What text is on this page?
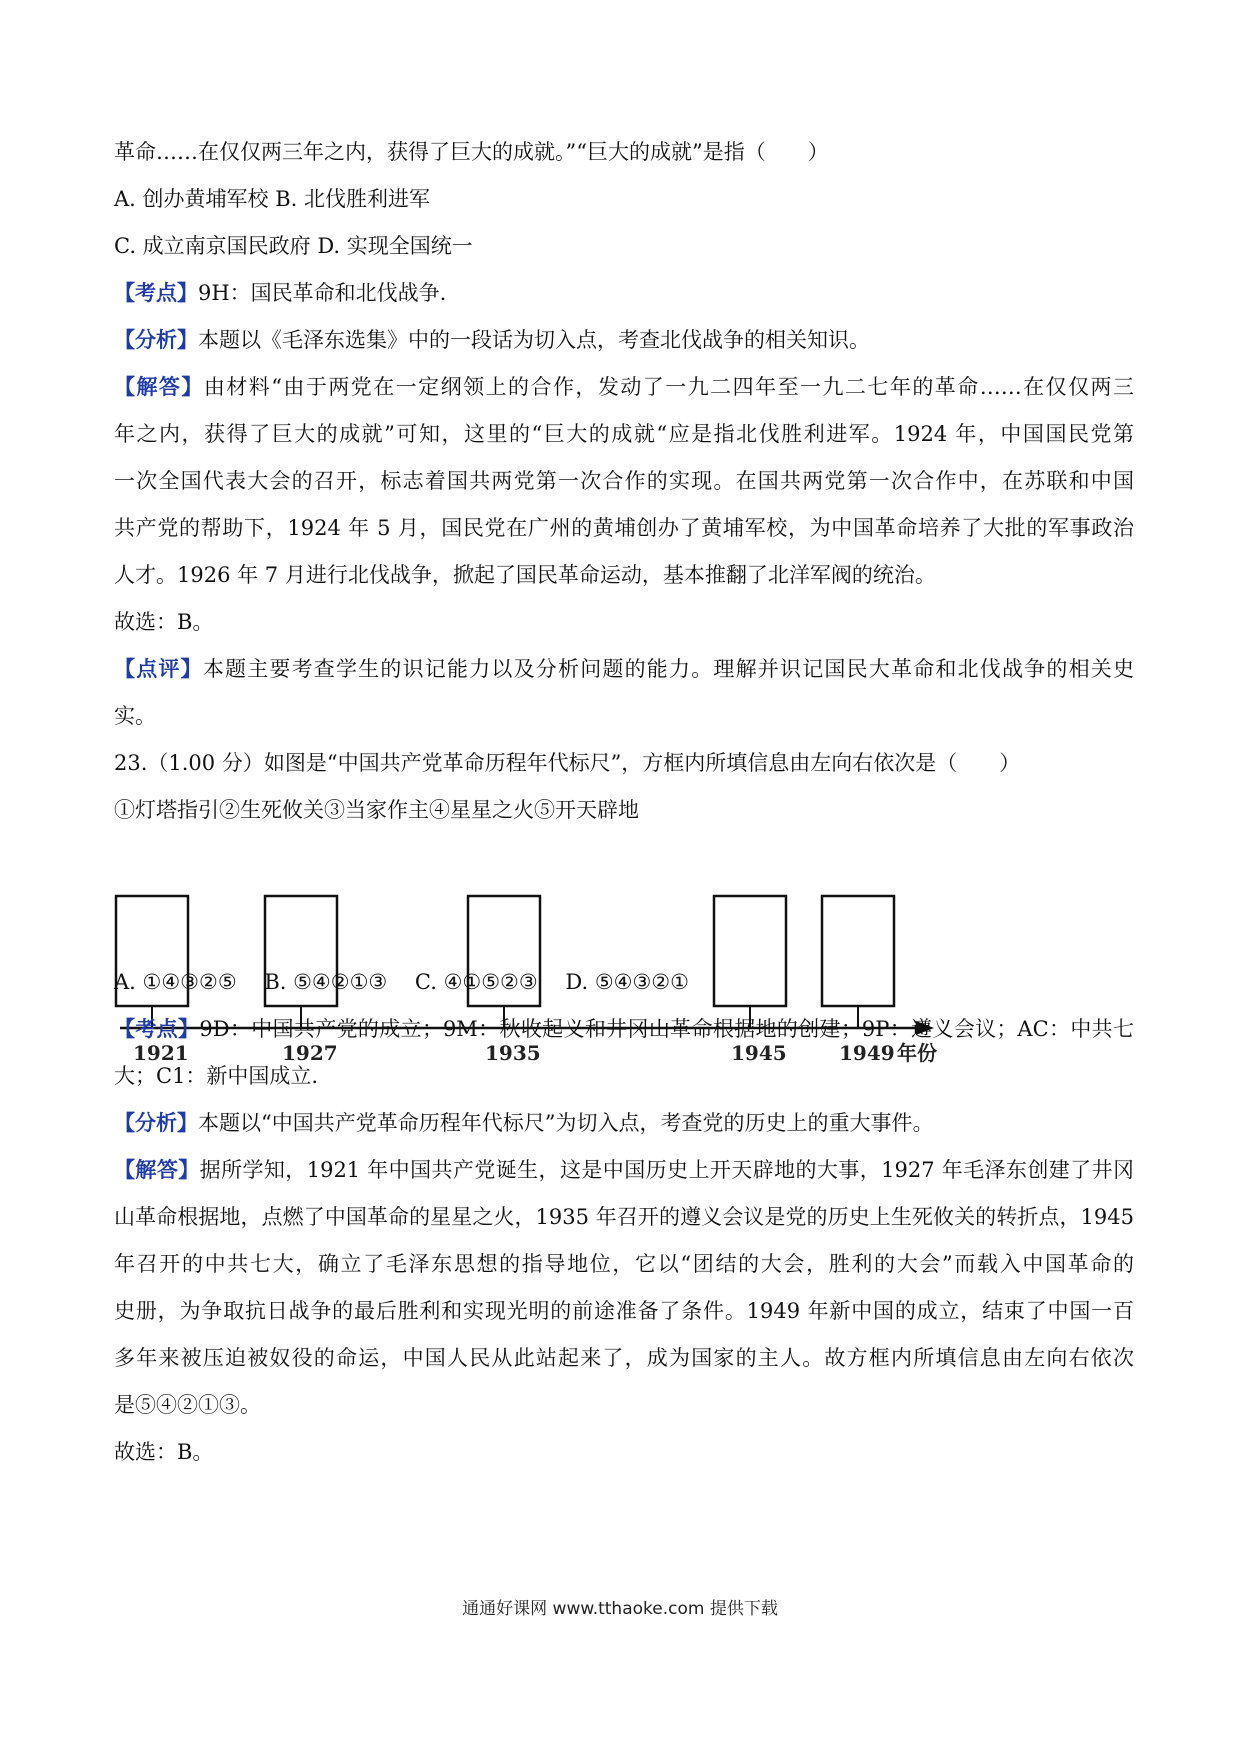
革命……在仅仅两三年之内，获得了巨大的成就。”“巨大的成就”是指（　　）
A. 创办黄埔军校 B. 北伐胜利进军
C. 成立南京国民政府 D. 实现全国统一
【考点】9H：国民革命和北伐战争.
【分析】本题以《毛泽东选集》中的一段话为切入点，考查北伐战争的相关知识。
【解答】由材料“由于两党在一定纲领上的合作，发动了一九二四年至一九二七年的革命……在仅仅两三
年之内，获得了巨大的成就”可知，这里的“巨大的成就“应是指北伐胜利进军。1924 年，中国国民党第
一次全国代表大会的召开，标志着国共两党第一次合作的实现。在国共两党第一次合作中，在苏联和中国
共产党的帮助下，1924 年 5 月，国民党在广州的黄埔创办了黄埔军校，为中国革命培养了大批的军事政治
人才。1926 年 7 月进行北伐战争，掀起了国民革命运动，基本推翻了北洋军阀的统治。
故选：B。
【点评】本题主要考查学生的识记能力以及分析问题的能力。理解并识记国民大革命和北伐战争的相关史
实。
23.（1.00 分）如图是“中国共产党革命历程年代标尺”，方框内所填信息由左向右依次是（　　）
①灯塔指引②生死攸关③当家作主④星星之火⑤开天辟地
1921	1927	1935	1945	1949 年份
A. ①④③②⑤　 B. ⑤④②①③　 C. ④①⑤②③　 D. ⑤④③②①
【考点】9D：中国共产党的成立；9M：秋收起义和井冈山革命根据地的创建；9P：遵义会议；AC：中共七
大；C1：新中国成立.
【分析】本题以“中国共产党革命历程年代标尺”为切入点，考查党的历史上的重大事件。
【解答】据所学知，1921 年中国共产党诞生，这是中国历史上开天辟地的大事，1927 年毛泽东创建了井冈
山革命根据地，点燃了中国革命的星星之火，1935 年召开的遵义会议是党的历史上生死攸关的转折点，1945
年召开的中共七大，确立了毛泽东思想的指导地位，它以“团结的大会，胜利的大会”而载入中国革命的
史册，为争取抗日战争的最后胜利和实现光明的前途准备了条件。1949 年新中国的成立，结束了中国一百
多年来被压迫被奴役的命运，中国人民从此站起来了，成为国家的主人。故方框内所填信息由左向右依次
是⑤④②①③。
故选：B。
通通好课网 www.tthaoke.com 提供下载
